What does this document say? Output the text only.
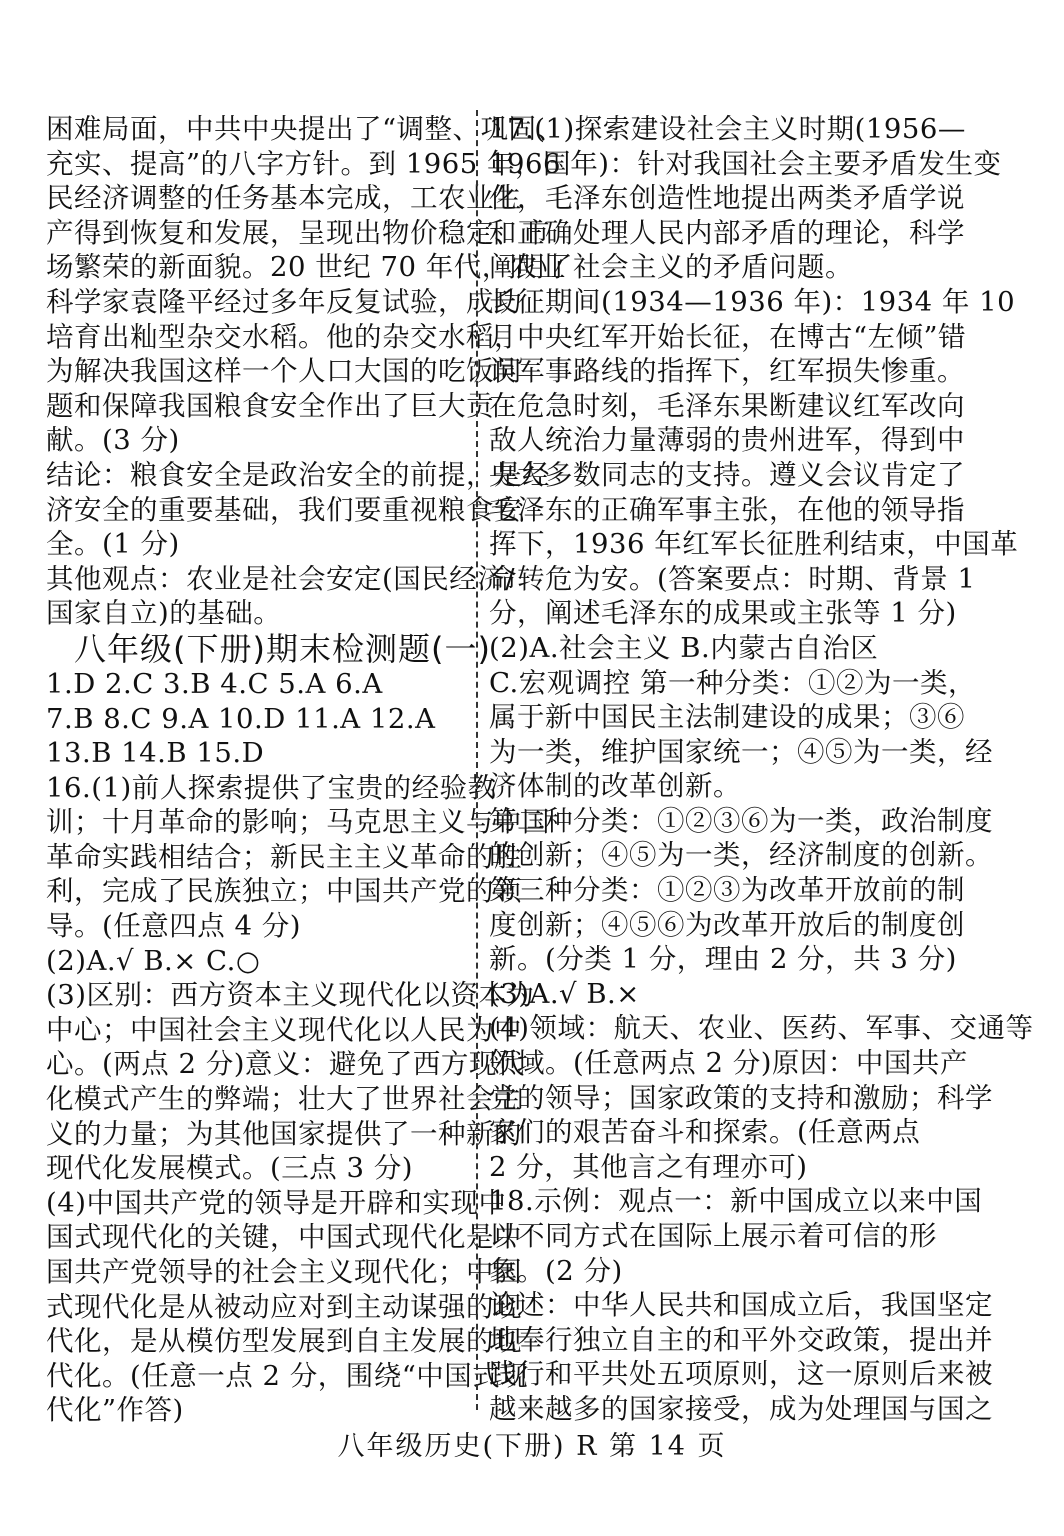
困难局面，中共中央提出了“调整、巩固、
充实、提高”的八字方针。到 1965 年，国
民经济调整的任务基本完成，工农业生
产得到恢复和发展，呈现出物价稳定、市
场繁荣的新面貌。20 世纪 70 年代，农业
科学家袁隆平经过多年反复试验，成功
培育出籼型杂交水稻。他的杂交水稻，
为解决我国这样一个人口大国的吃饭问
题和保障我国粮食安全作出了巨大贡
献。(3 分)
结论：粮食安全是政治安全的前提，是经
济安全的重要基础，我们要重视粮食安
全。(1 分)
其他观点：农业是社会安定(国民经济/
国家自立)的基础。
八年级(下册)期末检测题(一)
1.D 2.C 3.B 4.C 5.A 6.A
7.B 8.C 9.A 10.D 11.A 12.A
13.B 14.B 15.D
16.(1)前人探索提供了宝贵的经验教
训；十月革命的影响；马克思主义与中国
革命实践相结合；新民主主义革命的胜
利，完成了民族独立；中国共产党的领
导。(任意四点 4 分)
(2)A.√ B.× C.○
(3)区别：西方资本主义现代化以资本为
中心；中国社会主义现代化以人民为中
心。(两点 2 分)意义：避免了西方现代
化模式产生的弊端；壮大了世界社会主
义的力量；为其他国家提供了一种新的
现代化发展模式。(三点 3 分)
(4)中国共产党的领导是开辟和实现中
国式现代化的关键，中国式现代化是中
国共产党领导的社会主义现代化；中国
式现代化是从被动应对到主动谋强的现
代化，是从模仿型发展到自主发展的现
代化。(任意一点 2 分，围绕“中国式现
代化”作答)
17.(1)探索建设社会主义时期(1956—
1966 年)：针对我国社会主要矛盾发生变
化，毛泽东创造性地提出两类矛盾学说
和正确处理人民内部矛盾的理论，科学
阐明了社会主义的矛盾问题。
长征期间(1934—1936 年)：1934 年 10
月中央红军开始长征，在博古“左倾”错
误军事路线的指挥下，红军损失惨重。
在危急时刻，毛泽东果断建议红军改向
敌人统治力量薄弱的贵州进军，得到中
央大多数同志的支持。遵义会议肯定了
毛泽东的正确军事主张，在他的领导指
挥下，1936 年红军长征胜利结束，中国革
命转危为安。(答案要点：时期、背景 1
分，阐述毛泽东的成果或主张等 1 分)
(2)A.社会主义 B.内蒙古自治区
C.宏观调控 第一种分类：①②为一类，
属于新中国民主法制建设的成果；③⑥
为一类，维护国家统一；④⑤为一类，经
济体制的改革创新。
第二种分类：①②③⑥为一类，政治制度
的创新；④⑤为一类，经济制度的创新。
第三种分类：①②③为改革开放前的制
度创新；④⑤⑥为改革开放后的制度创
新。(分类 1 分，理由 2 分，共 3 分)
(3)A.√ B.×
(4)领域：航天、农业、医药、军事、交通等
领域。(任意两点 2 分)原因：中国共产
党的领导；国家政策的支持和激励；科学
家们的艰苦奋斗和探索。(任意两点
2 分，其他言之有理亦可)
18.示例：观点一：新中国成立以来中国
以不同方式在国际上展示着可信的形
象。(2 分)
论述：中华人民共和国成立后，我国坚定
地奉行独立自主的和平外交政策，提出并
践行和平共处五项原则，这一原则后来被
越来越多的国家接受，成为处理国与国之
八年级历史(下册) R 第 14 页
